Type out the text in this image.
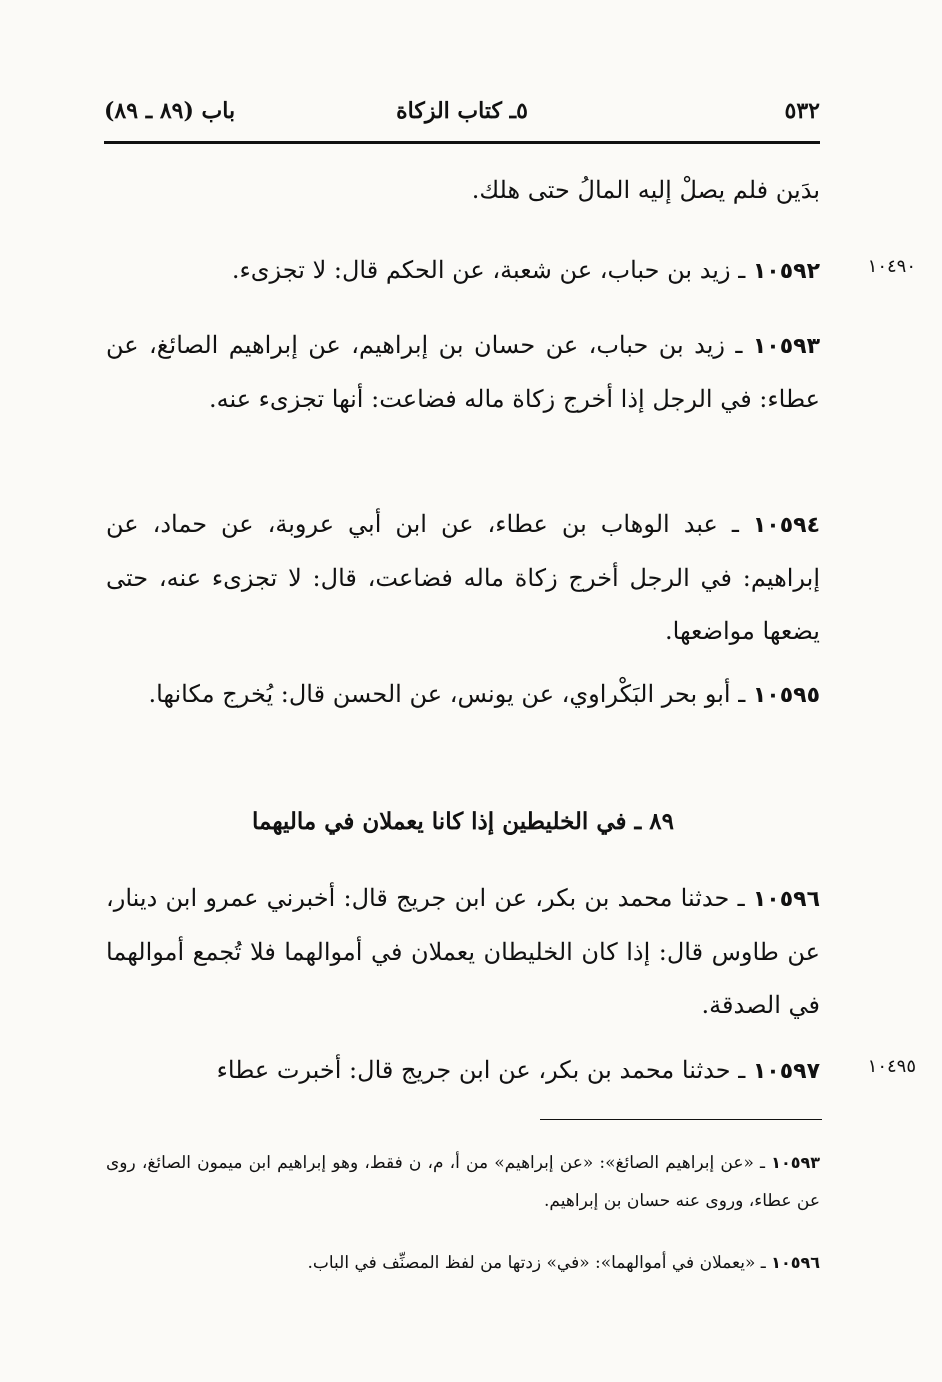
٥٣٢
٥ـ كتاب الزكاة
باب (٨٩ ـ ٨٩)
بدَين فلم يصلْ إليه المالُ حتى هلك.
١٠٤٩٠
١٠٥٩٢ ـ زيد بن حباب، عن شعبة، عن الحكم قال: لا تجزىء.
١٠٥٩٣ ـ زيد بن حباب، عن حسان بن إبراهيم، عن إبراهيم الصائغ، عن عطاء: في الرجل إذا أخرج زكاة ماله فضاعت: أنها تجزىء عنه.
١٠٥٩٤ ـ عبد الوهاب بن عطاء، عن ابن أبي عروبة، عن حماد، عن إبراهيم: في الرجل أخرج زكاة ماله فضاعت، قال: لا تجزىء عنه، حتى يضعها مواضعها.
١٠٥٩٥ ـ أبو بحر البَكْراوي، عن يونس، عن الحسن قال: يُخرج مكانها.
٨٩ ـ في الخليطين إذا كانا يعملان في ماليهما
١٠٥٩٦ ـ حدثنا محمد بن بكر، عن ابن جريج قال: أخبرني عمرو ابن دينار، عن طاوس قال: إذا كان الخليطان يعملان في أموالهما فلا تُجمع أموالهما في الصدقة.
١٠٤٩٥
١٠٥٩٧ ـ حدثنا محمد بن بكر، عن ابن جريج قال: أخبرت عطاء
١٠٥٩٣ ـ «عن إبراهيم الصائغ»: «عن إبراهيم» من أ، م، ن فقط، وهو إبراهيم ابن ميمون الصائغ، روى عن عطاء، وروى عنه حسان بن إبراهيم.
١٠٥٩٦ ـ «يعملان في أموالهما»: «في» زدتها من لفظ المصنِّف في الباب.
